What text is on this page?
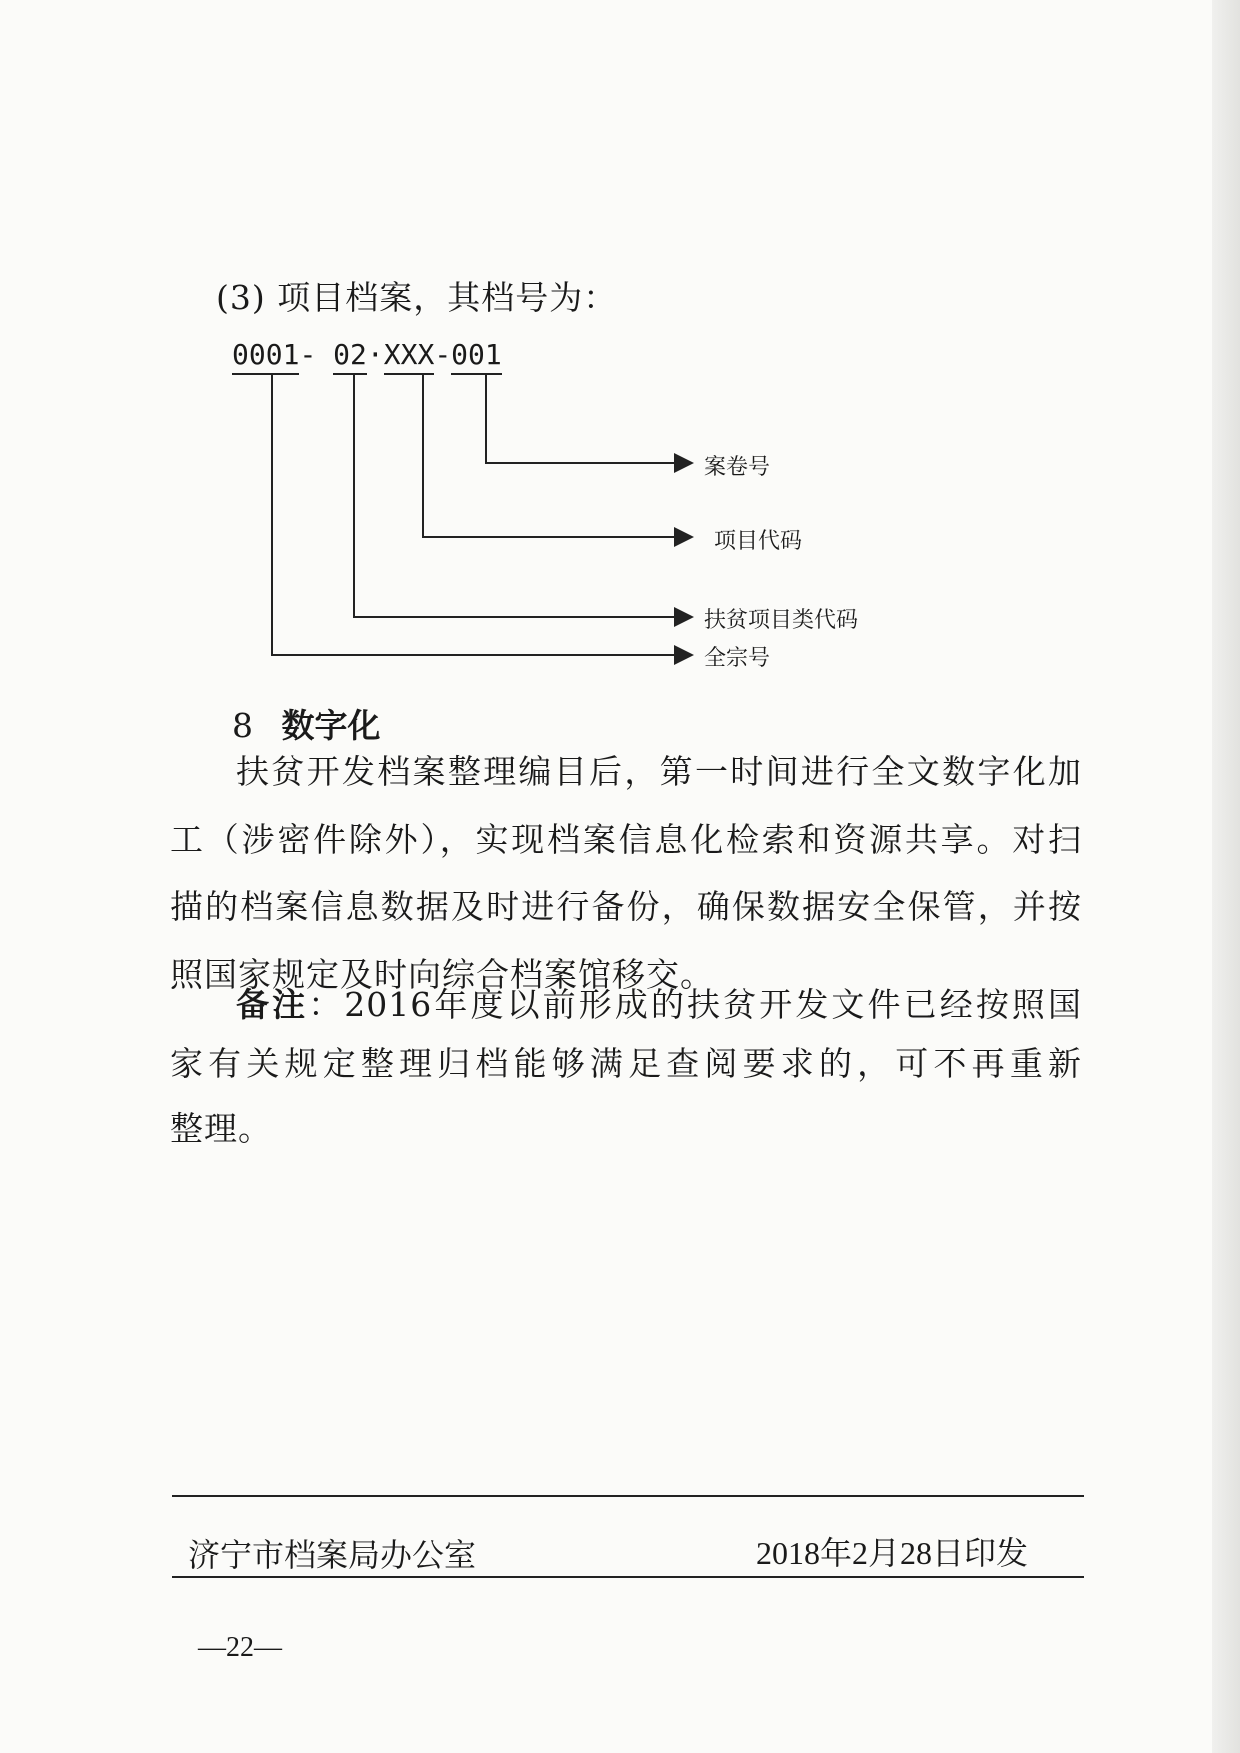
(3) 项目档案，其档号为：
0001- 02·XXX-001
案卷号
项目代码
扶贫项目类代码
全宗号
8 数字化
扶贫开发档案整理编目后，第一时间进行全文数字化加
工（涉密件除外），实现档案信息化检索和资源共享。对扫
描的档案信息数据及时进行备份，确保数据安全保管，并按
照国家规定及时向综合档案馆移交。
备注：2016年度以前形成的扶贫开发文件已经按照国
家有关规定整理归档能够满足查阅要求的，可不再重新
整理。
济宁市档案局办公室	2018年2月28日印发
—22—
